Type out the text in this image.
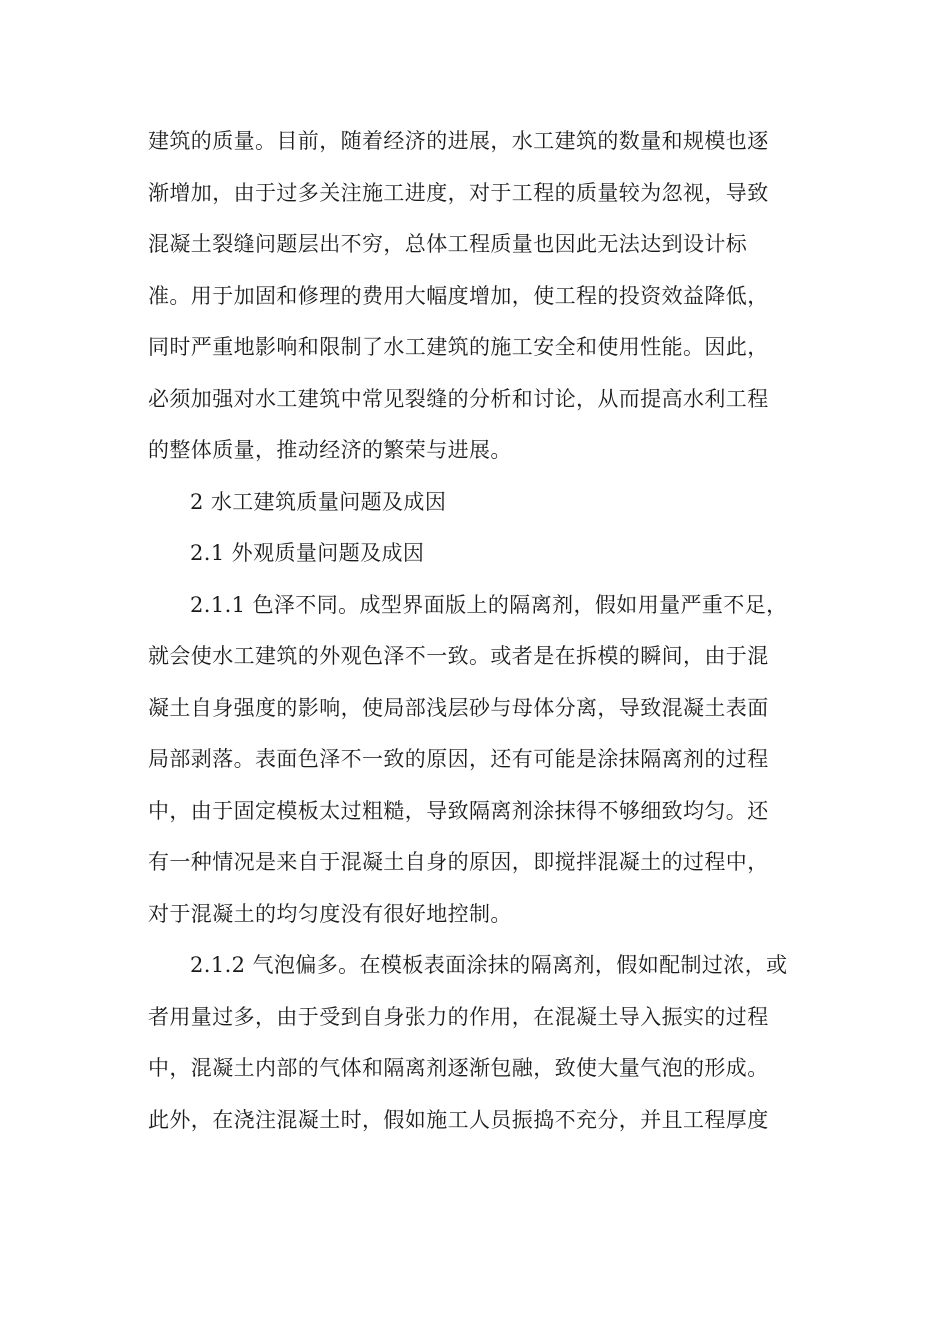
建筑的质量。目前，随着经济的进展，水工建筑的数量和规模也逐
渐增加，由于过多关注施工进度，对于工程的质量较为忽视，导致
混凝土裂缝问题层出不穷，总体工程质量也因此无法达到设计标
准。用于加固和修理的费用大幅度增加，使工程的投资效益降低，
同时严重地影响和限制了水工建筑的施工安全和使用性能。因此，
必须加强对水工建筑中常见裂缝的分析和讨论，从而提高水利工程
的整体质量，推动经济的繁荣与进展。
2 水工建筑质量问题及成因
2.1 外观质量问题及成因
2.1.1 色泽不同。成型界面版上的隔离剂，假如用量严重不足，
就会使水工建筑的外观色泽不一致。或者是在拆模的瞬间，由于混
凝土自身强度的影响，使局部浅层砂与母体分离，导致混凝土表面
局部剥落。表面色泽不一致的原因，还有可能是涂抹隔离剂的过程
中，由于固定模板太过粗糙，导致隔离剂涂抹得不够细致均匀。还
有一种情况是来自于混凝土自身的原因，即搅拌混凝土的过程中，
对于混凝土的均匀度没有很好地控制。
2.1.2 气泡偏多。在模板表面涂抹的隔离剂，假如配制过浓，或
者用量过多，由于受到自身张力的作用，在混凝土导入振实的过程
中，混凝土内部的气体和隔离剂逐渐包融，致使大量气泡的形成。
此外，在浇注混凝土时，假如施工人员振捣不充分，并且工程厚度
